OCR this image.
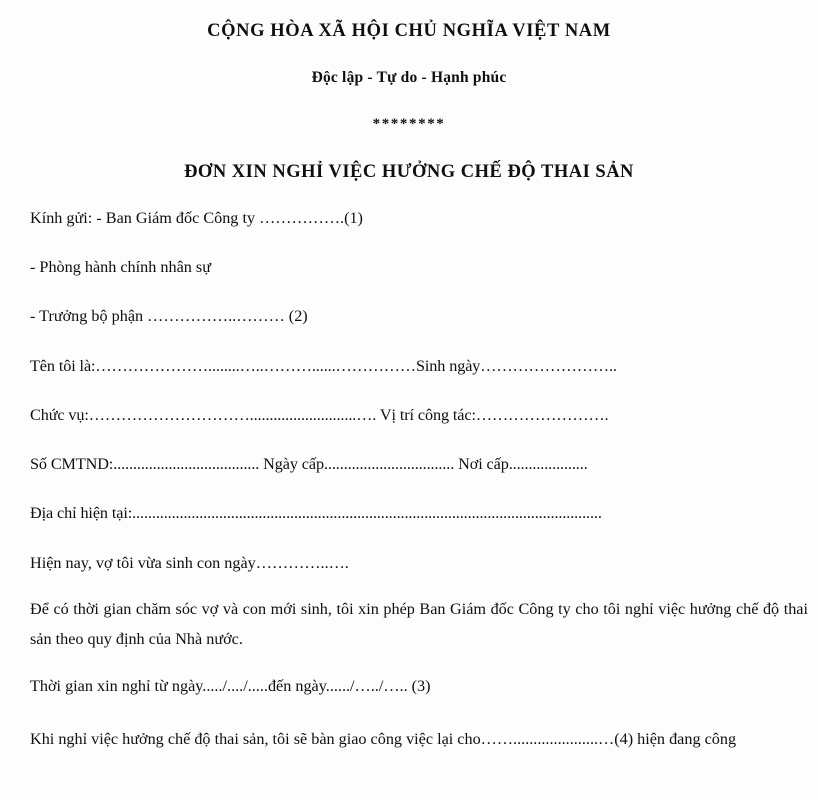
CỘNG HÒA XÃ HỘI CHỦ NGHĨA VIỆT NAM
Độc lập - Tự do - Hạnh phúc
********
ĐƠN XIN NGHỈ VIỆC HƯỞNG CHẾ ĐỘ THAI SẢN

Kính gửi: - Ban Giám đốc Công ty …………….(1)

- Phòng hành chính nhân sự

- Trưởng bộ phận ……………..……… (2)

Tên tôi là:…………………........…..………......……………Sinh ngày……………………..

Chức vụ:…………………………...........................…. Vị trí công tác:…………………….

Số CMTND:..................................... Ngày cấp................................. Nơi cấp....................

Địa chỉ hiện tại:.......................................................................................................................

Hiện nay, vợ tôi vừa sinh con ngày…………..….

Để có thời gian chăm sóc vợ và con mới sinh, tôi xin phép Ban Giám đốc Công ty cho tôi nghỉ việc hưởng chế độ thai sản theo quy định của Nhà nước.

Thời gian xin nghỉ từ ngày...../..../.....đến ngày....../…../….. (3)

Khi nghỉ việc hưởng chế độ thai sản, tôi sẽ bàn giao công việc lại cho…….....................…(4) hiện đang công
